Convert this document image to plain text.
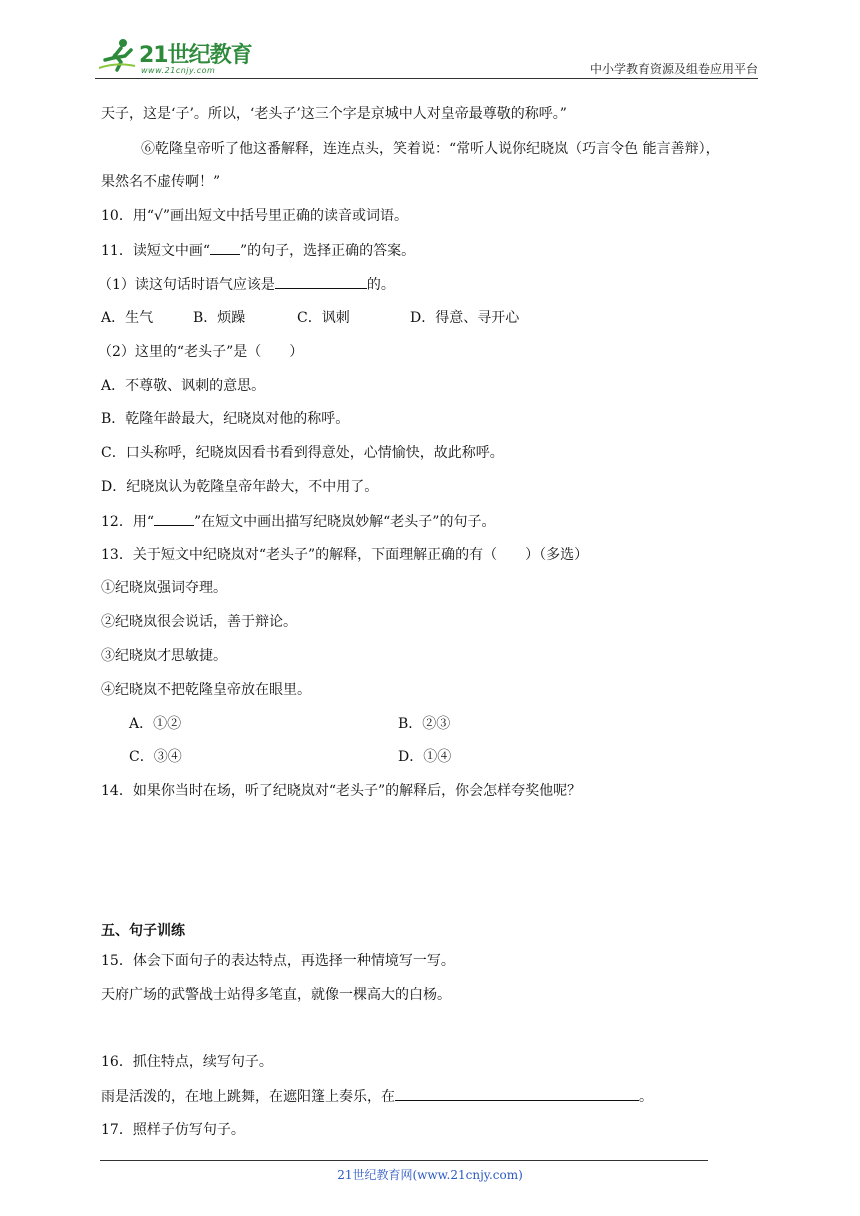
21世纪教育
www.21cnjy.com	中小学教育资源及组卷应用平台
天子，这是‘子’。所以，‘老头子’这三个字是京城中人对皇帝最尊敬的称呼。”
⑥乾隆皇帝听了他这番解释，连连点头，笑着说：“常听人说你纪晓岚（巧言令色 能言善辩），
果然名不虚传啊！”
10．用“√”画出短文中括号里正确的读音或词语。
11．读短文中画“ ”的句子，选择正确的答案。
（1）读这句话时语气应该是	的。
A．生气	B．烦躁	C．讽刺	D．得意、寻开心
（2）这里的“老头子”是（　　）
A．不尊敬、讽刺的意思。
B．乾隆年龄最大，纪晓岚对他的称呼。
C．口头称呼，纪晓岚因看书看到得意处，心情愉快，故此称呼。
D．纪晓岚认为乾隆皇帝年龄大，不中用了。
12．用“	”在短文中画出描写纪晓岚妙解“老头子”的句子。
13．关于短文中纪晓岚对“老头子”的解释，下面理解正确的有（　　）（多选）
①纪晓岚强词夺理。
②纪晓岚很会说话，善于辩论。
③纪晓岚才思敏捷。
④纪晓岚不把乾隆皇帝放在眼里。
A．①②	B．②③
C．③④	D．①④
14．如果你当时在场，听了纪晓岚对“老头子”的解释后，你会怎样夸奖他呢？
五、句子训练
15．体会下面句子的表达特点，再选择一种情境写一写。
天府广场的武警战士站得多笔直，就像一棵高大的白杨。
16．抓住特点，续写句子。
雨是活泼的，在地上跳舞，在遮阳篷上奏乐，在	。
17．照样子仿写句子。
21世纪教育网(www.21cnjy.com)
